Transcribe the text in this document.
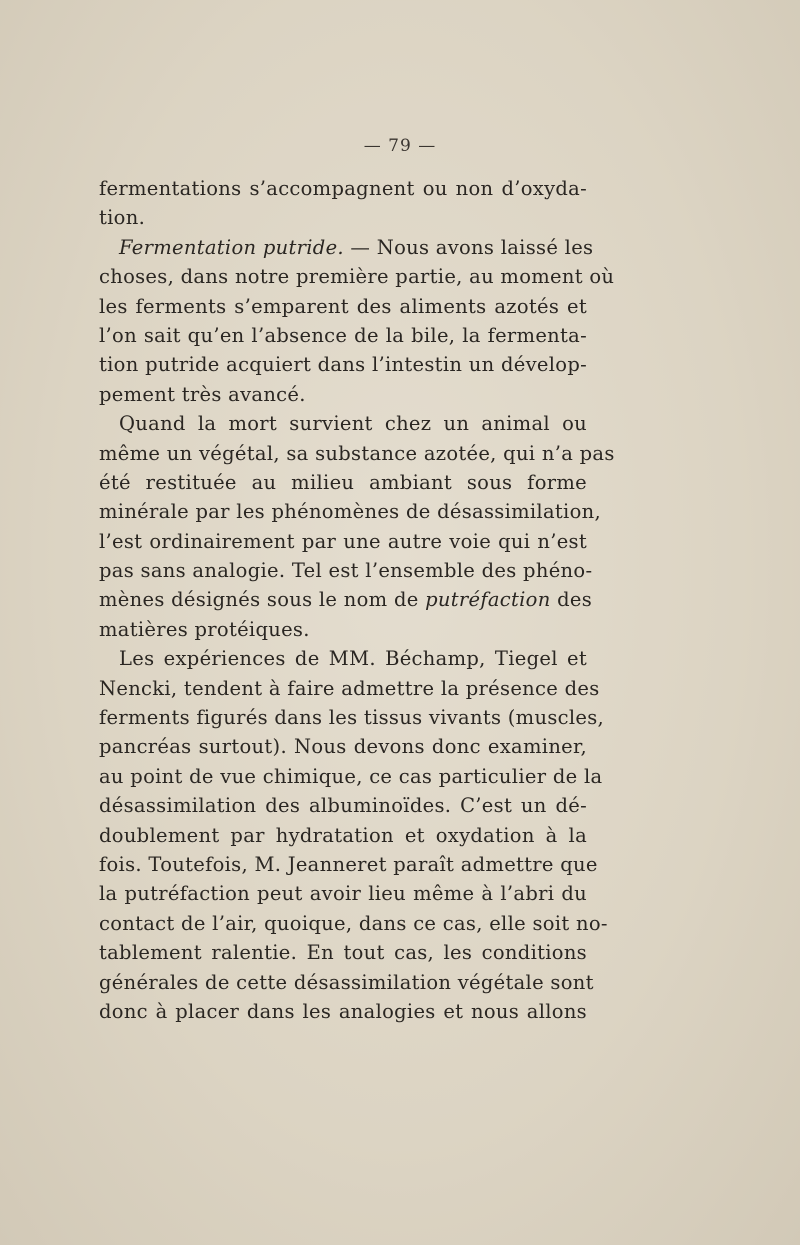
— 79 —
fermentations s’accompagnent ou non d’oxyda-
tion.
Fermentation putride. — Nous avons laissé les
choses, dans notre première partie, au moment où
les ferments s’emparent des aliments azotés et
l’on sait qu’en l’absence de la bile, la fermenta-
tion putride acquiert dans l’intestin un dévelop-
pement très avancé.
Quand la mort survient chez un animal ou
même un végétal, sa substance azotée, qui n’a pas
été restituée au milieu ambiant sous forme
minérale par les phénomènes de désassimilation,
l’est ordinairement par une autre voie qui n’est
pas sans analogie. Tel est l’ensemble des phéno-
mènes désignés sous le nom de putréfaction des
matières protéiques.
Les expériences de MM. Béchamp, Tiegel et
Nencki, tendent à faire admettre la présence des
ferments figurés dans les tissus vivants (muscles,
pancréas surtout). Nous devons donc examiner,
au point de vue chimique, ce cas particulier de la
désassimilation des albuminoïdes. C’est un dé-
doublement par hydratation et oxydation à la
fois. Toutefois, M. Jeanneret paraît admettre que
la putréfaction peut avoir lieu même à l’abri du
contact de l’air, quoique, dans ce cas, elle soit no-
tablement ralentie. En tout cas, les conditions
générales de cette désassimilation végétale sont
donc à placer dans les analogies et nous allons
